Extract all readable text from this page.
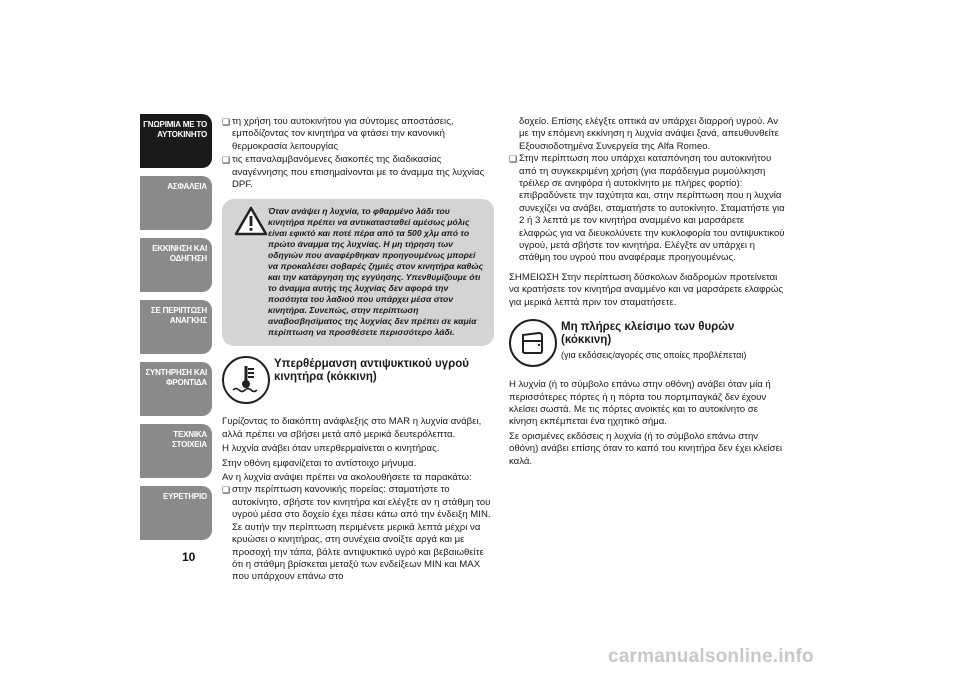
ΓΝΩΡΙΜΙΑ ΜΕ ΤΟ ΑΥΤΟΚΙΝΗΤΟ
ΑΣΦΑΛΕΙΑ
ΕΚΚΙΝΗΣΗ ΚΑΙ ΟΔΗΓΗΣΗ
ΣΕ ΠΕΡΙΠΤΩΣΗ ΑΝΑΓΚΗΣ
ΣΥΝΤΗΡΗΣΗ ΚΑΙ ΦΡΟΝΤΙΔΑ
ΤΕΧΝΙΚΑ ΣΤΟΙΧΕΙΑ
ΕΥΡΕΤΗΡΙΟ
10
❑ τη χρήση του αυτοκινήτου για σύντομες αποστάσεις, εμποδίζοντας τον κινητήρα να φτάσει την κανονική θερμοκρασία λειτουργίας
❑ τις επαναλαμβανόμενες διακοπές της διαδικασίας αναγέννησης που επισημαίνονται με το άναμμα της λυχνίας DPF.
Όταν ανάψει η λυχνία, το φθαρμένο λάδι του κινητήρα πρέπει να αντικατασταθεί αμέσως μόλις είναι εφικτό και ποτέ πέρα από τα 500 χλμ από το πρώτο άναμμα της λυχνίας. Η μη τήρηση των οδηγιών που αναφέρθηκαν προηγουμένως μπορεί να προκαλέσει σοβαρές ζημιές στον κινητήρα καθώς και την κατάργηση της εγγύησης. Υπενθυμίζουμε ότι το άναμμα αυτής της λυχνίας δεν αφορά την ποσότητα του λαδιού που υπάρχει μέσα στον κινητήρα. Συνεπώς, στην περίπτωση αναβοσβησίματος της λυχνίας δεν πρέπει σε καμία περίπτωση να προσθέσετε περισσότερο λάδι.
Υπερθέρμανση αντιψυκτικού υγρού κινητήρα (κόκκινη)
Γυρίζοντας το διακόπτη ανάφλεξης στο MAR η λυχνία ανάβει, αλλά πρέπει να σβήσει μετά από μερικά δευτερόλεπτα.
Η λυχνία ανάβει όταν υπερθερμαίνεται ο κινητήρας.
Στην οθόνη εμφανίζεται το αντίστοιχο μήνυμα.
Αν η λυχνία ανάψει πρέπει να ακολουθήσετε τα παρακάτω:
❑ στην περίπτωση κανονικής πορείας: σταματήστε το αυτοκίνητο, σβήστε τον κινητήρα και ελέγξτε αν η στάθμη του υγρού μέσα στο δοχείο έχει πέσει κάτω από την ένδειξη MIN. Σε αυτήν την περίπτωση περιμένετε μερικά λεπτά μέχρι να κρυώσει ο κινητήρας, στη συνέχεια ανοίξτε αργά και με προσοχή την τάπα, βάλτε αντιψυκτικό υγρό και βεβαιωθείτε ότι η στάθμη βρίσκεται μεταξύ των ενδείξεων MIN και MAX που υπάρχουν επάνω στο
δοχείο. Επίσης ελέγξτε οπτικά αν υπάρχει διαρροή υγρού. Αν με την επόμενη εκκίνηση η λυχνία ανάψει ξανά, απευθυνθείτε Εξουσιοδοτημένα Συνεργεία της Alfa Romeo.
❑ Στην περίπτωση που υπάρχει καταπόνηση του αυτοκινήτου από τη συγκεκριμένη χρήση (για παράδειγμα ρυμούλκηση τρέιλερ σε ανηφόρα ή αυτοκίνητο με πλήρες φορτίο): επιβραδύνετε την ταχύτητα και, στην περίπτωση που η λυχνία συνεχίζει να ανάβει, σταματήστε το αυτοκίνητο. Σταματήστε για 2 ή 3 λεπτά με τον κινητήρα αναμμένο και μαρσάρετε ελαφρώς για να διευκολύνετε την κυκλοφορία του αντιψυκτικού υγρού, μετά σβήστε τον κινητήρα. Ελέγξτε αν υπάρχει η στάθμη του υγρού που αναφέραμε προηγουμένως.
ΣΗΜΕΙΩΣΗ Στην περίπτωση δύσκολων διαδρομών προτείνεται να κρατήσετε τον κινητήρα αναμμένο και να μαρσάρετε ελαφρώς για μερικά λεπτά πριν τον σταματήσετε.
Μη πλήρες κλείσιμο των θυρών (κόκκινη)
(για εκδόσεις/αγορές στις οποίες προβλέπεται)
Η λυχνία (ή το σύμβολο επάνω στην οθόνη) ανάβει όταν μία ή περισσότερες πόρτες ή η πόρτα του πορτμπαγκάζ δεν έχουν κλείσει σωστά. Με τις πόρτες ανοικτές και το αυτοκίνητο σε κίνηση εκπέμπεται ένα ηχητικό σήμα.
Σε ορισμένες εκδόσεις η λυχνία (ή το σύμβολο επάνω στην οθόνη) ανάβει επίσης όταν το καπό του κινητήρα δεν έχει κλείσει καλά.
carmanualsonline.info
